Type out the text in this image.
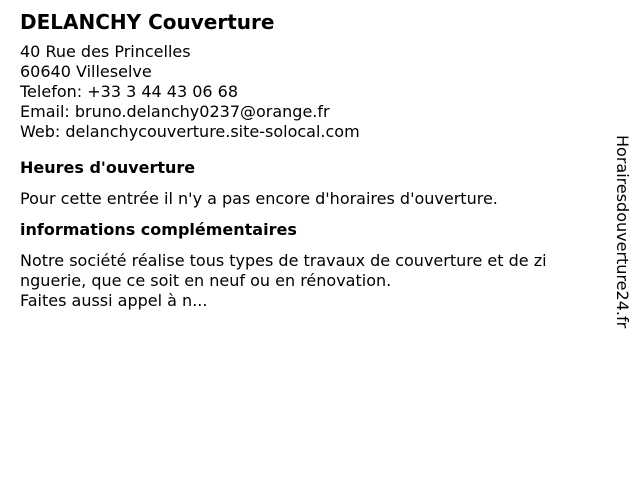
DELANCHY Couverture
40 Rue des Princelles
60640 Villeselve
Telefon: +33 3 44 43 06 68
Email: bruno.delanchy0237@orange.fr
Web: delanchycouverture.site-solocal.com
Heures d'ouverture
Pour cette entrée il n'y a pas encore d'horaires d'ouverture.
informations complémentaires
Notre société réalise tous types de travaux de couverture et de zi
nguerie, que ce soit en neuf ou en rénovation.
Faites aussi appel à n...	Horairesdouverture24.fr
